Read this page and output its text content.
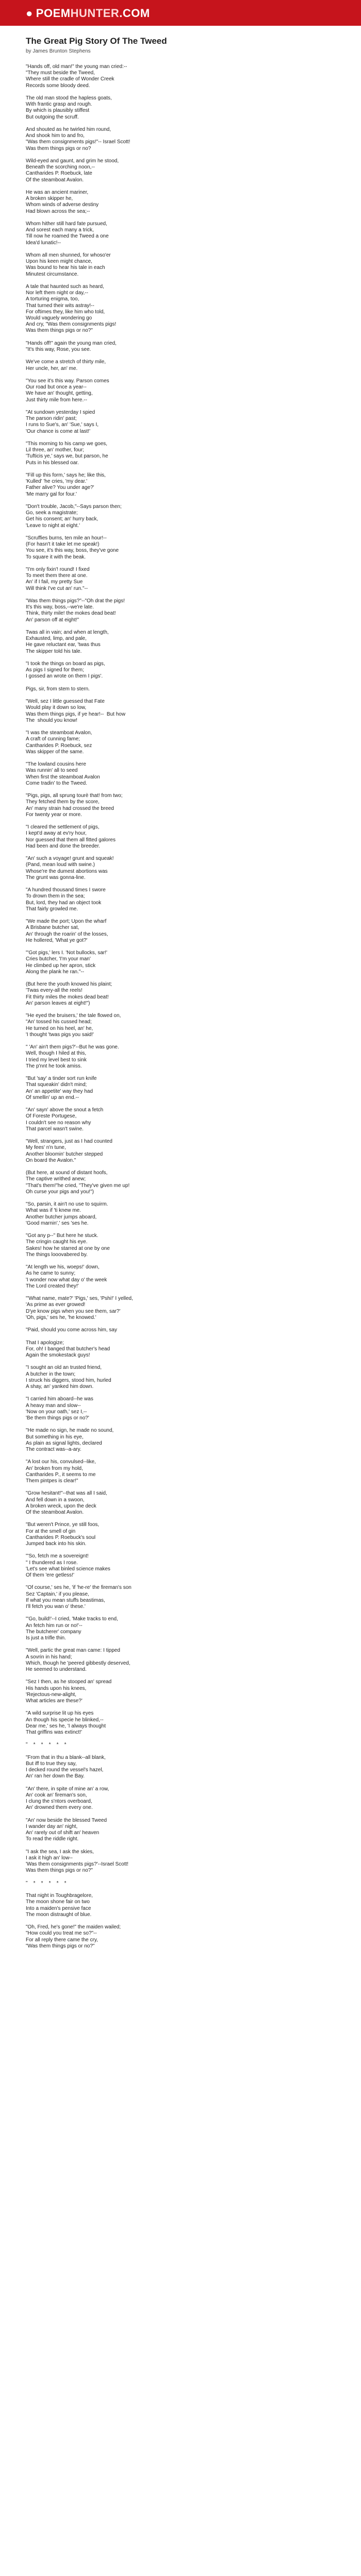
● POEMHUNTER.COM
The Great Pig Story Of The Tweed
by James Brunton Stephens
"Hands off, old man!" the young man cried:--
"They must beside the Tweed,
Where still the cradle of Wonder Creek
Records some bloody deed.
The old man stood the hapless goats,
With frantic grasp and rough.
By which is plausibly stiffest
But outgoing the scruff.
And shouted as he twirled him round,
And shook him to and fro,
"Was them consignments pigs!"-- Israel Scott!
Was them things pigs or no?
Wild-eyed and gaunt, and grim he stood,
Beneath the scorching noon,--
Cantharides P. Roebuck, late
Of the steamboat Avalon.
He was an ancient mariner,
A broken skipper he,
Whom winds of adverse destiny
Had blown across the sea;--
Whom hither still hard fate pursued,
And sorest each many a trick,
Till now he roamed the Tweed a one
Idea'd lunatic!--
Whom all men shunned, for whoso'er
Upon his keen might chance,
Was bound to hear his tale in each
Minutest circumstance.
A tale that haunted such as heard,
Nor left them night or day,--
A torturing enigma, too,
That turned their wits astray!--
For oftimes they, like him who told,
Would vaguely wondering go
And cry, "Was them consignments pigs!
Was them things pigs or no?"
"Hands off!" again the young man cried,
"It's this way, Rose, you see.
We've come a stretch of thirty mile,
Her uncle, her, an' me.
"You see it's this way. Parson comes
Our road but once a year--
We have an' thought, getting,
Just thirty mile from here.--
"At sundown yesterday I spied
The parson ridin' past;
I runs to Sue's, an' 'Sue,' says I,
'Our chance is come at last!'
"This morning to his camp we goes,
Lil three, an' mother, four;
'Tufticis ye,' says we, but parson, he
Puts in his blessed oar.
"Fill up this form,' says he; like this,
'Kulled' 'he cries, 'my dear.'
Father alive? You under age?'
'Me marry gal for four.'
"Don't trouble, Jacob,"--Says parson then;
Go, seek a magistrate;
Get his consent; an' hurry back,
'Leave to night at eight.'
"Scruffies burns, ten mile an hour!--
(For hasn't it take let me speak!)
You see, it's this way, boss, they've gone
To square it with the beak.
"I'm only fixin'! round! I fixed
To meet them there at one.
An' if I fail, my pretty Sue
Will think I've cut an' run."--
"Was them things pigs?"--"Oh drat the pigs!
It's this way, boss,--we're late.
Think, thirty mile! the mokes dead beat!
An' parson off at eight!"
Twas all in vain; and when at length,
Exhausted, limp, and pale,
He gave reluctant ear, 'twas thus
The skipper told his tale.
"I took the things on board as pigs,
As pigs I signed for them;
I gossed an wrote on them I pigs'.
Pigs, sir, from stem to stern.
"Well, sez I little guessed that Fate
Would play it down so low,
Was them things pigs, if ye hear!--  But how
The  should you know!
"I was the steamboat Avalon,
A craft of cunning fame;
Cantharides P. Roebuck, sez
Was skipper of the same.
"The lowland cousins here
Was runnin' all to seed
When first the steamboat Avalon
Come tradin' to the Tweed.
"Pigs, pigs, all sprung tourè that! from two;
They fetched them by the score,
An' many strain had crossed the breed
For twenty year or more.
"I cleared the settlement of pigs,
I kept'd away at ev'ry hour,
Nor guessed that them all fitted galores
Had been and done the breeder.
"An' such a voyage! grunt and squeak!
(Pand, mean loud with swine.)
Whose're the dumest abortions was
The grunt was gonna-line.
"A hundred thousand times I swore
To drown them in the sea;
But, lord, they had an object took
That fairly growled me.
"We made the port; Upon the wharf
A Brisbane butcher sat,
An' through the roarin' of the losses,
He hollered, 'What ye got?'
"'Got pigs,' lers I. 'Not bullocks, sar!'
Cries butcher, 'I'm your man'
He climbed up her apron, stick
Along the plank he ran."--
(But here the youth knowed his plaint;
'Twas every-all the reels!
Fit thirty miles the mokes dead beat!
An' parson leaves at eight!")
"He eyed the bruisers,' the tale flowed on,
"An' tossed his cussed head;
He turned on his heel, an' he,
'I thought 'twas pigs you said!'
" 'An' ain't them pigs?'--But he was gone.
Well, though I hiled at this,
I tried my level best to sink
The p'nnt he took amiss.
"But 'say' a tinder sort run knife
That squeakin' didn't mind;
An' an appetite' way they had
Of smellin' up an end.--
"An' sayn' above the snout a fetch
Of Foreste Portugese,
I couldn't see no reason why
That parcel wasn't swine.
"Well, strangers, just as I had counted
My fees' n'n tune,
Another bloomin' butcher stepped
On board the Avalon."
(But here, at sound of distant hoofs,
The captive writhed anew;
"That's them!"he cried, "They've given me up!
Oh curse your pigs and you!")
"So, parsin, it ain't no use to squirm.
What was if 'ti knew me.
Another butcher jumps aboard,
'Good marnin',' ses 'ses he.
"Got any p--" But here he stuck.
The cringin caught his eye.
Sakes! how he starred at one by one
The things looovabered by.
"At length we his, woeps!' down,
As he came to sunny;
'I wonder now what day o' the week
The Lord created they!'
"'What name, mate?' 'Pigs,' ses, 'Pshi!' I yelled,
'As prime as ever growed!
D'ye know pigs when you see them, sar?'
'Oh, pigs,' ses he, 'he knowed.'
"Paid, should you come across him, say
That I apologize;
For, oh! I banged that butcher's head
Again the smokestack guys!
"I sought an old an trusted friend,
A butcher in the town;
I struck his diggers, stood him, hurled
A shay, an' yanked him down.
"I carried him aboard--he was
A heavy man and slow--
'Now on your oath,' sez I,--
'Be them things pigs or no?'
"He made no sign, he made no sound,
But something in his eye,
As plain as signal lights, declared
The contract was--a-ary.
"A lost our his, convulsed--like,
An' broken from my hold,
Cantharides P., it seems to me
Them pintpes is clear!"
"Grow hesitant!"--that was all I said,
And fell down in a swoon,
A broken wreck, upon the deck
Of the steamboat Avalon.
"But weren't Prince, ye still foos,
For at the smell of gin
Cantharides P. Roebuck's soul
Jumped back into his skin.
"'So, fetch me a sovereignt!
" I thundered as I rose.
'Let's see what binled science makes
Of them 'ere getless!'
"Of course,' ses he, 'if 'he-re' the fireman's son
Sez 'Captain,' if you please,
If what you mean stuffs beastimas,
I'll fetch you wan o' these.'
"'Go, build!'--I cried, 'Make tracks to end,
An fetch him run or no!'--
The butcherer' company
Is just a trifle thin.
"Well, partic the great man came: I tipped
A sovrin in his hand;
Which, though he 'peered gibbestly deserved,
He seemed to understand.
"Sez I then, as he stooped an' spread
His hands upon his knees,
'Rejectous-new-alight,
What articles are these?'
"A wild surprise lit up his eyes
An though his specie he blinked,--
Dear me,' ses he, 'I always thought
That griffins was extinct!'
"    *    *    *    *    *
"From that in thu a blank--all blank,
But iff to true they say,
I decked round the vessel's hazel,
An' ran her down the Bay.
"An' there, in spite of mine an' a row,
An' cook an' fireman's son,
I clung the s'ntors overboard,
An' drowned them every one.
"An' now beside the blessed Tweed
I wander day an' night,
An' rarely out of shift an' heaven
To read the riddle right.
"I ask the sea, I ask the skies,
I ask it high an' low--
'Was them consignments pigs?'--Israel Scott!
Was them things pigs or no?"
"    *    *    *    *    *
That night in Toughbragelore,
The moon shone fair on two
Into a maiden's pensive face
The moon distraught of blue.
"Oh, Fred, he's gone!" the maiden wailed;
"How could you treat me so?"--
For all reply there came the cry,
"Was them things pigs or no?"
